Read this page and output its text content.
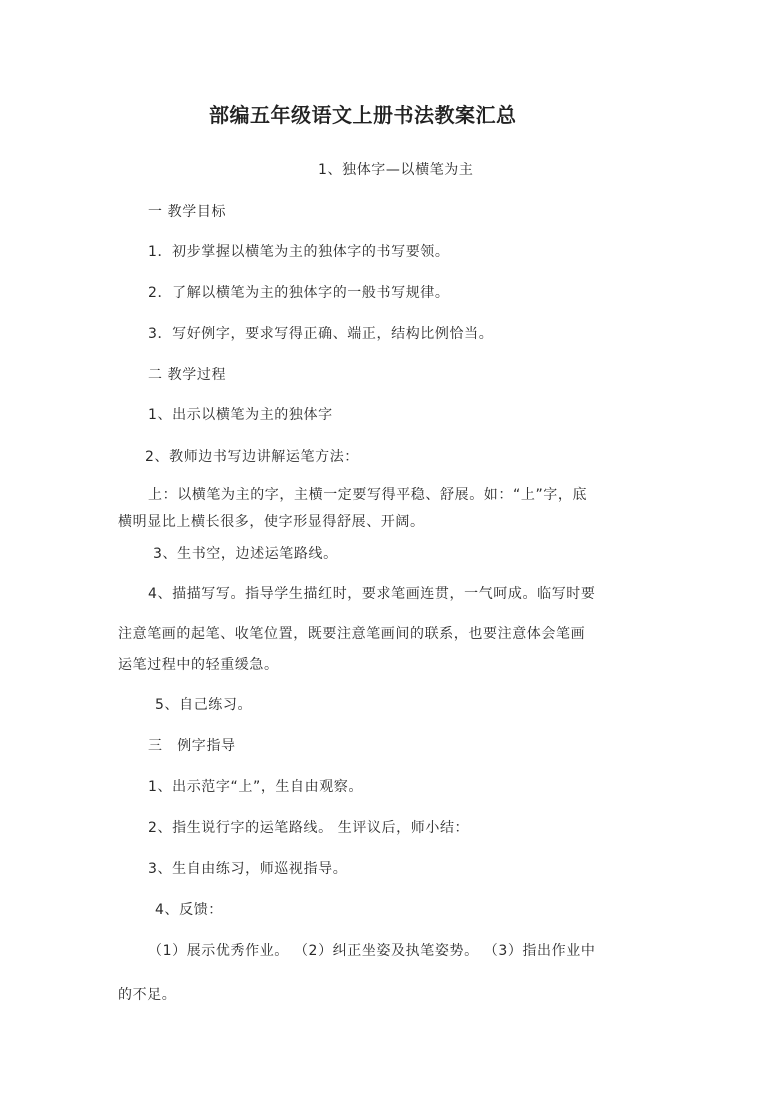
部编五年级语文上册书法教案汇总
1、独体字—以横笔为主
一 教学目标
1．初步掌握以横笔为主的独体字的书写要领。
2．了解以横笔为主的独体字的一般书写规律。
3．写好例字，要求写得正确、端正，结构比例恰当。
二 教学过程
1、出示以横笔为主的独体字
2、教师边书写边讲解运笔方法：
上：以横笔为主的字，主横一定要写得平稳、舒展。如：“上”字，底
横明显比上横长很多，使字形显得舒展、开阔。
3、生书空，边述运笔路线。
4、描描写写。指导学生描红时，要求笔画连贯，一气呵成。临写时要
注意笔画的起笔、收笔位置，既要注意笔画间的联系，也要注意体会笔画
运笔过程中的轻重缓急。
5、自己练习。
三　例字指导
1、出示范字“上”，生自由观察。
2、指生说行字的运笔路线。 生评议后，师小结：
3、生自由练习，师巡视指导。
4、反馈：
（1）展示优秀作业。 （2）纠正坐姿及执笔姿势。 （3）指出作业中
的不足。
